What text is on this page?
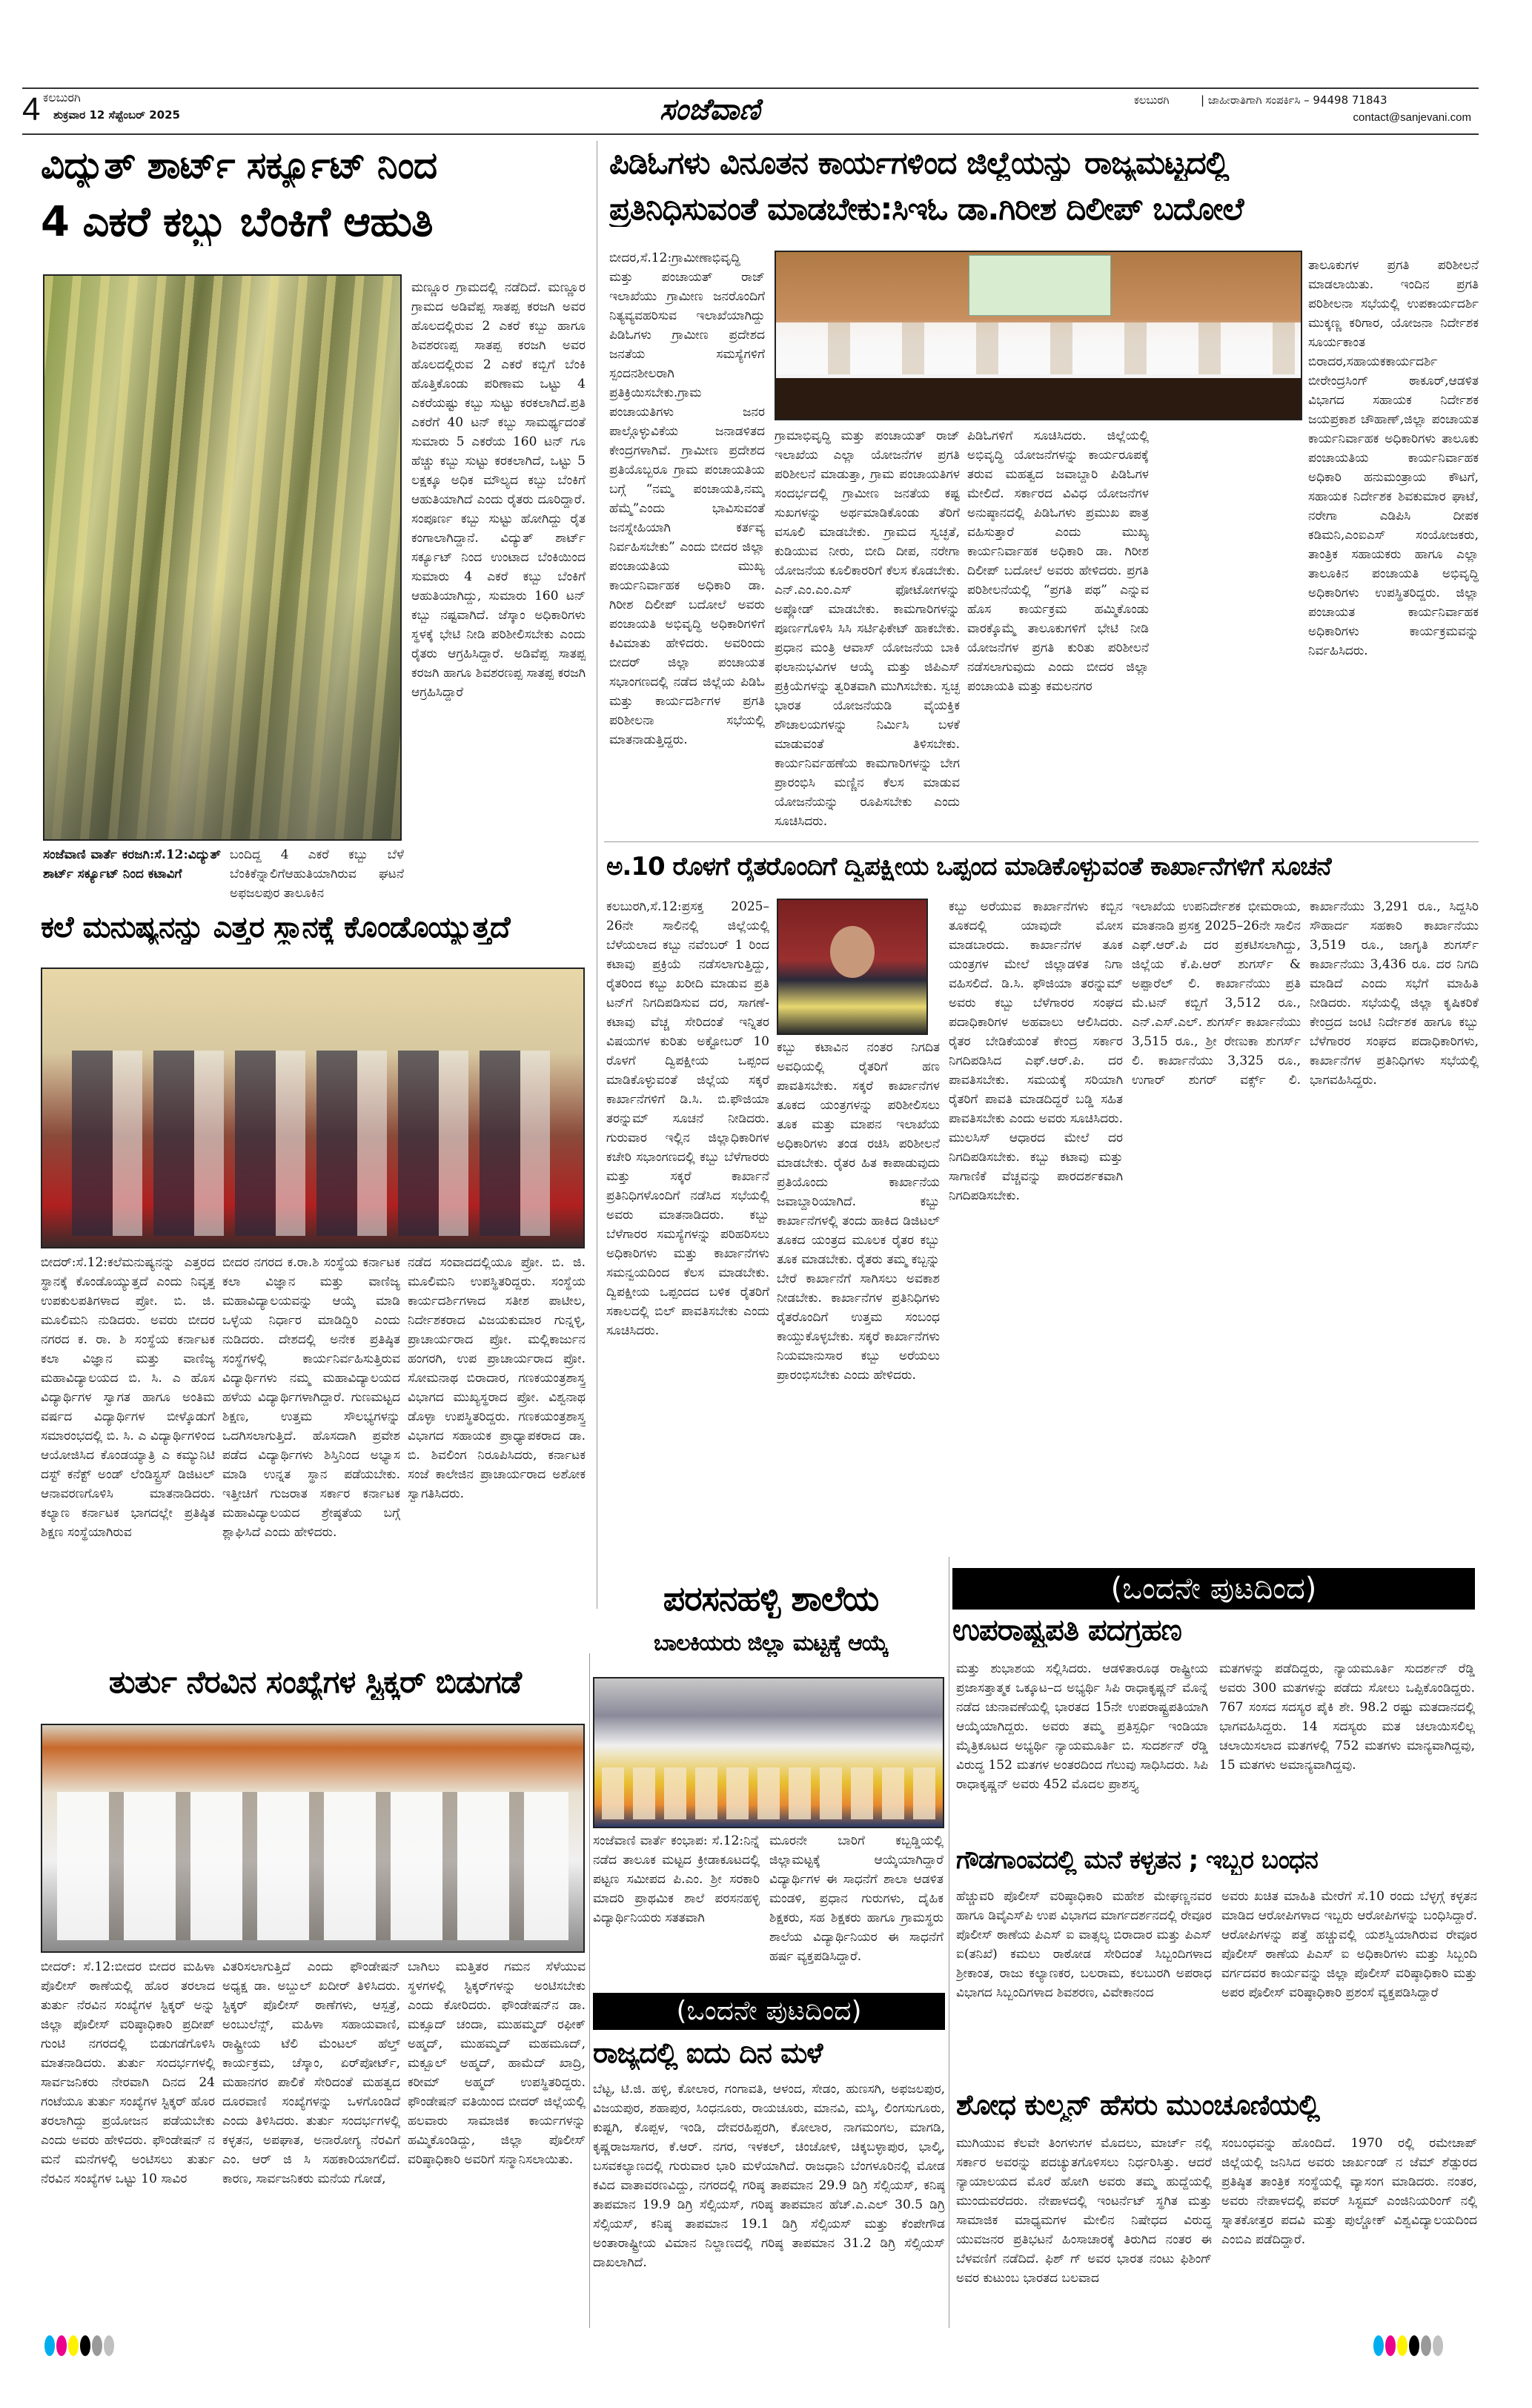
4 ಕಲಬುರಗಿ
ಶುಕ್ರವಾರ 12 ಸೆಪ್ಟೆಂಬರ್ 2025	ಸಂಜೆವಾಣಿ	ಕಲಬುರಗಿ	| ಜಾಹೀರಾತಿಗಾಗಿ ಸಂಪರ್ಕಿಸಿ – 94498 71843
contact@sanjevani.com
ವಿದ್ಯುತ್ ಶಾರ್ಟ್ ಸರ್ಕ್ಯೂಟ್ ನಿಂದ
4 ಎಕರೆ ಕಬ್ಬು ಬೆಂಕಿಗೆ ಆಹುತಿ
ಮಣ್ಣೂರ ಗ್ರಾಮದಲ್ಲಿ ನಡೆದಿದೆ. ಮಣ್ಣೂರ ಗ್ರಾಮದ ಅಡಿವೆಪ್ಪ ಸಾತಪ್ಪ ಕರಜಗಿ ಅವರ ಹೊಲದಲ್ಲಿರುವ 2 ಎಕರೆ ಕಬ್ಬು ಹಾಗೂ ಶಿವಶರಣಪ್ಪ ಸಾತಪ್ಪ ಕರಜಗಿ ಅವರ ಹೊಲದಲ್ಲಿರುವ 2 ಎಕರೆ ಕಬ್ಬಿಗೆ ಬೆಂಕಿ ಹೊತ್ತಿಕೊಂಡು ಪರಿಣಾಮ ಒಟ್ಟು 4 ಎಕರೆಯಷ್ಟು ಕಬ್ಬು ಸುಟ್ಟು ಕರಕಲಾಗಿದೆ.ಪ್ರತಿ ಎಕರೆಗೆ 40 ಟನ್ ಕಬ್ಬು ಸಾಮರ್ಥ್ಯದಂತೆ ಸುಮಾರು 5 ಎಕರೆಯ 160 ಟನ್ ಗೂ ಹೆಚ್ಚು ಕಬ್ಬು ಸುಟ್ಟು ಕರಕಲಾಗಿದೆ, ಒಟ್ಟು 5 ಲಕ್ಷಕ್ಕೂ ಅಧಿಕ ಮೌಲ್ಯದ ಕಬ್ಬು ಬೆಂಕಿಗೆ ಆಹುತಿಯಾಗಿದೆ ಎಂದು ರೈತರು ದೂರಿದ್ದಾರೆ. ಸಂಪೂರ್ಣ ಕಬ್ಬು ಸುಟ್ಟು ಹೋಗಿದ್ದು ರೈತ ಕಂಗಾಲಾಗಿದ್ದಾನೆ. ವಿದ್ಯುತ್ ಶಾರ್ಟ್ ಸರ್ಕ್ಯೂಟ್ ನಿಂದ ಉಂಟಾದ ಬೆಂಕಿಯಿಂದ ಸುಮಾರು 4 ಎಕರೆ ಕಬ್ಬು ಬೆಂಕಿಗೆ ಆಹುತಿಯಾಗಿದ್ದು, ಸುಮಾರು 160 ಟನ್ ಕಬ್ಬು ನಷ್ಟವಾಗಿದೆ. ಜೆಸ್ಕಾಂ ಅಧಿಕಾರಿಗಳು ಸ್ಥಳಕ್ಕೆ ಭೇಟಿ ನೀಡಿ ಪರಿಶೀಲಿಸಬೇಕು ಎಂದು ರೈತರು ಆಗ್ರಹಿಸಿದ್ದಾರೆ. ಅಡಿವೆಪ್ಪ ಸಾತಪ್ಪ ಕರಜಗಿ ಹಾಗೂ ಶಿವಶರಣಪ್ಪ ಸಾತಪ್ಪ ಕರಜಗಿ ಆಗ್ರಹಿಸಿದ್ದಾರೆ
ಸಂಜೆವಾಣಿ ವಾರ್ತೆ ಕರಜಗಿ:ಸೆ.12:ವಿದ್ಯುತ್ ಶಾರ್ಟ್ ಸರ್ಕ್ಯೂಟ್ ನಿಂದ ಕಟಾವಿಗೆ
ಬಂದಿದ್ದ 4 ಎಕರೆ ಕಬ್ಬು ಬೆಳೆ ಬೆಂಕಿಕೆನ್ನಾಲಿಗೆಆಹುತಿಯಾಗಿರುವ ಘಟನೆ ಅಫಜಲಪುರ ತಾಲೂಕಿನ
ಪಿಡಿಓಗಳು ವಿನೂತನ ಕಾರ್ಯಗಳಿಂದ ಜಿಲ್ಲೆಯನ್ನು ರಾಜ್ಯಮಟ್ಟದಲ್ಲಿ
ಪ್ರತಿನಿಧಿಸುವಂತೆ ಮಾಡಬೇಕು:ಸಿಇಓ ಡಾ.ಗಿರೀಶ ದಿಲೀಪ್ ಬದೋಲೆ
ಬೀದರ,ಸೆ.12:ಗ್ರಾಮೀಣಾಭಿವೃದ್ಧಿ ಮತ್ತು ಪಂಚಾಯತ್ ರಾಜ್ ಇಲಾಖೆಯು ಗ್ರಾಮೀಣ ಜನರೊಂದಿಗೆ ನಿತ್ಯವ್ಯವಹರಿಸುವ ಇಲಾಖೆಯಾಗಿದ್ದು ಪಿಡಿಓಗಳು ಗ್ರಾಮೀಣ ಪ್ರದೇಶದ ಜನತೆಯ ಸಮಸ್ಯೆಗಳಿಗೆ ಸ್ಪಂದನಶೀಲರಾಗಿ ಪ್ರತಿಕ್ರಿಯಿಸಬೇಕು.ಗ್ರಾಮ ಪಂಚಾಯತಿಗಳು ಜನರ ಪಾಲ್ಗೊಳ್ಳುವಿಕೆಯ ಜನಾಡಳಿತದ ಕೇಂದ್ರಗಳಾಗಿವೆ. ಗ್ರಾಮೀಣ ಪ್ರದೇಶದ ಪ್ರತಿಯೊಬ್ಬರೂ ಗ್ರಾಮ ಪಂಚಾಯತಿಯ ಬಗ್ಗೆ “ನಮ್ಮ ಪಂಚಾಯತಿ,ನಮ್ಮ ಹೆಮ್ಮೆ”ಎಂದು ಭಾವಿಸುವಂತೆ ಜನಸ್ನೇಹಿಯಾಗಿ ಕರ್ತವ್ಯ ನಿರ್ವಹಿಸಬೇಕು” ಎಂದು ಬೀದರ ಜಿಲ್ಲಾ ಪಂಚಾಯತಿಯ ಮುಖ್ಯ ಕಾರ್ಯನಿರ್ವಾಹಕ ಅಧಿಕಾರಿ ಡಾ. ಗಿರೀಶ ದಿಲೀಪ್ ಬದೋಲೆ ಅವರು ಪಂಚಾಯತಿ ಅಭಿವೃದ್ಧಿ ಅಧಿಕಾರಿಗಳಿಗೆ ಕಿವಿಮಾತು ಹೇಳಿದರು. ಅವರಿಂದು ಬೀದರ್ ಜಿಲ್ಲಾ ಪಂಚಾಯತ ಸಭಾಂಗಣದಲ್ಲಿ ನಡೆದ ಜಿಲ್ಲೆಯ ಪಿಡಿಓ ಮತ್ತು ಕಾರ್ಯದರ್ಶಿಗಳ ಪ್ರಗತಿ ಪರಿಶೀಲನಾ ಸಭೆಯಲ್ಲಿ ಮಾತನಾಡುತ್ತಿದ್ದರು.
ಗ್ರಾಮಾಭಿವೃದ್ಧಿ ಮತ್ತು ಪಂಚಾಯತ್ ರಾಜ್ ಇಲಾಖೆಯ ಎಲ್ಲಾ ಯೋಜನೆಗಳ ಪ್ರಗತಿ ಪರಿಶೀಲನೆ ಮಾಡುತ್ತಾ, ಗ್ರಾಮ ಪಂಚಾಯತಿಗಳ ಸಂದರ್ಭದಲ್ಲಿ ಗ್ರಾಮೀಣ ಜನತೆಯ ಕಷ್ಟ ಸುಖಗಳನ್ನು ಅರ್ಥಮಾಡಿಕೊಂಡು ತೆರಿಗೆ ವಸೂಲಿ ಮಾಡಬೇಕು. ಗ್ರಾಮದ ಸ್ವಚ್ಛತೆ, ಕುಡಿಯುವ ನೀರು, ಬೀದಿ ದೀಪ, ನರೇಗಾ ಯೋಜನೆಯ ಕೂಲಿಕಾರರಿಗೆ ಕೆಲಸ ಕೊಡಬೇಕು. ಎನ್.ಎಂ.ಎಂ.ಎಸ್ ಫೋಟೋಗಳನ್ನು ಅಪ್ಲೋಡ್ ಮಾಡಬೇಕು. ಕಾಮಗಾರಿಗಳನ್ನು ಪೂರ್ಣಗೊಳಿಸಿ ಸಿಸಿ ಸರ್ಟಿಫಿಕೇಟ್ ಹಾಕಬೇಕು. ಪ್ರಧಾನ ಮಂತ್ರಿ ಆವಾಸ್ ಯೋಜನೆಯ ಬಾಕಿ ಫಲಾನುಭವಿಗಳ ಆಯ್ಕೆ ಮತ್ತು ಜಿಪಿಎಸ್ ಪ್ರಕ್ರಿಯೆಗಳನ್ನು ತ್ವರಿತವಾಗಿ ಮುಗಿಸಬೇಕು. ಸ್ವಚ್ಛ ಭಾರತ ಯೋಜನೆಯಡಿ ವೈಯಕ್ತಿಕ ಶೌಚಾಲಯಗಳನ್ನು ನಿರ್ಮಿಸಿ ಬಳಕೆ ಮಾಡುವಂತೆ ತಿಳಿಸಬೇಕು. ಕಾರ್ಯನಿರ್ವಹಣೆಯ ಕಾಮಗಾರಿಗಳನ್ನು ಬೇಗ ಪ್ರಾರಂಭಿಸಿ ಮಣ್ಣಿನ ಕೆಲಸ ಮಾಡುವ ಯೋಜನೆಯನ್ನು ರೂಪಿಸಬೇಕು ಎಂದು ಸೂಚಿಸಿದರು.
ಪಿಡಿಓಗಳಿಗೆ ಸೂಚಿಸಿದರು. ಜಿಲ್ಲೆಯಲ್ಲಿ ಅಭಿವೃದ್ಧಿ ಯೋಜನೆಗಳನ್ನು ಕಾರ್ಯರೂಪಕ್ಕೆ ತರುವ ಮಹತ್ವದ ಜವಾಬ್ದಾರಿ ಪಿಡಿಓಗಳ ಮೇಲಿದೆ. ಸರ್ಕಾರದ ವಿವಿಧ ಯೋಜನೆಗಳ ಅನುಷ್ಠಾನದಲ್ಲಿ ಪಿಡಿಓಗಳು ಪ್ರಮುಖ ಪಾತ್ರ ವಹಿಸುತ್ತಾರೆ ಎಂದು ಮುಖ್ಯ ಕಾರ್ಯನಿರ್ವಾಹಕ ಅಧಿಕಾರಿ ಡಾ. ಗಿರೀಶ ದಿಲೀಪ್ ಬದೋಲೆ ಅವರು ಹೇಳಿದರು. ಪ್ರಗತಿ ಪರಿಶೀಲನೆಯಲ್ಲಿ “ಪ್ರಗತಿ ಪಥ” ಎನ್ನುವ ಹೊಸ ಕಾರ್ಯಕ್ರಮ ಹಮ್ಮಿಕೊಂಡು ವಾರಕ್ಕೊಮ್ಮೆ ತಾಲೂಕುಗಳಿಗೆ ಭೇಟಿ ನೀಡಿ ಯೋಜನೆಗಳ ಪ್ರಗತಿ ಕುರಿತು ಪರಿಶೀಲನೆ ನಡೆಸಲಾಗುವುದು ಎಂದು ಬೀದರ ಜಿಲ್ಲಾ ಪಂಚಾಯತಿ ಮತ್ತು ಕಮಲನಗರ
ತಾಲೂಕುಗಳ ಪ್ರಗತಿ ಪರಿಶೀಲನೆ ಮಾಡಲಾಯಿತು. ಇಂದಿನ ಪ್ರಗತಿ ಪರಿಶೀಲನಾ ಸಭೆಯಲ್ಲಿ ಉಪಕಾರ್ಯದರ್ಶಿ ಮುಕ್ಕಣ್ಣ ಕರಿಗಾರ, ಯೋಜನಾ ನಿರ್ದೇಶಕ ಸೂರ್ಯಕಾಂತ ಬಿರಾದರ,ಸಹಾಯಕಕಾರ್ಯದರ್ಶಿ ಬೀರೇಂದ್ರಸಿಂಗ್ ಠಾಕೂರ್,ಆಡಳಿತ ವಿಭಾಗದ ಸಹಾಯಕ ನಿರ್ದೇಶಕ ಜಯಪ್ರಕಾಶ ಚೌಹಾಣ್,ಜಿಲ್ಲಾ ಪಂಚಾಯತ ಕಾರ್ಯನಿರ್ವಾಹಕ ಅಧಿಕಾರಿಗಳು ತಾಲೂಕು ಪಂಚಾಯತಿಯ ಕಾರ್ಯನಿರ್ವಾಹಕ ಅಧಿಕಾರಿ ಹನುಮಂತ್ರಾಯ ಕೌಟಗೆ, ಸಹಾಯಕ ನಿರ್ದೇಶಕ ಶಿವಕುಮಾರ ಘಾಟೆ, ನರೇಗಾ ಎಡಿಪಿಸಿ ದೀಪಕ ಕಡಿಮನಿ,ಎಂಐಎಸ್ ಸಂಯೋಜಕರು, ತಾಂತ್ರಿಕ ಸಹಾಯಕರು ಹಾಗೂ ಎಲ್ಲಾ ತಾಲೂಕಿನ ಪಂಚಾಯತಿ ಅಭಿವೃದ್ಧಿ ಅಧಿಕಾರಿಗಳು ಉಪಸ್ಥಿತರಿದ್ದರು. ಜಿಲ್ಲಾ ಪಂಚಾಯತ ಕಾರ್ಯನಿರ್ವಾಹಕ ಅಧಿಕಾರಿಗಳು ಕಾರ್ಯಕ್ರಮವನ್ನು ನಿರ್ವಹಿಸಿದರು.
ಕಲೆ ಮನುಷ್ಯನನ್ನು ಎತ್ತರ ಸ್ಥಾನಕ್ಕೆ ಕೊಂಡೊಯ್ಯುತ್ತದೆ
ಬೀದರ್:ಸೆ.12:ಕಲೆಮನುಷ್ಯನನ್ನು ಎತ್ತರದ ಸ್ಥಾನಕ್ಕೆ ಕೊಂಡೊಯ್ಯುತ್ತದೆ ಎಂದು ನಿವೃತ್ತ ಉಪಕುಲಪತಿಗಳಾದ ಪ್ರೋ. ಬಿ. ಜಿ. ಮೂಲಿಮನಿ ನುಡಿದರು. ಅವರು ಬೀದರ ನಗರದ ಕ. ರಾ. ಶಿ ಸಂಸ್ಥೆಯ ಕರ್ನಾಟಕ ಕಲಾ ವಿಜ್ಞಾನ ಮತ್ತು ವಾಣಿಜ್ಯ ಮಹಾವಿದ್ಯಾಲಯದ ಬಿ. ಸಿ. ಎ ಹೊಸ ವಿದ್ಯಾರ್ಥಿಗಳ ಸ್ವಾಗತ ಹಾಗೂ ಅಂತಿಮ ವರ್ಷದ ವಿದ್ಯಾರ್ಥಿಗಳ ಬೀಳ್ಕೊಡುಗೆ ಸಮಾರಂಭದಲ್ಲಿ ಬಿ. ಸಿ. ಎ ವಿದ್ಯಾರ್ಥಿಗಳಿಂದ ಆಯೋಜಿಸಿದ ಕೊಂಡಯ್ಯಾತ್ರಿ ಎ ಕಮ್ಯುನಿಟಿ ದಸ್ಟ್ ಕನೆಕ್ಟ್ ಅಂಡ್ ಲೆಂಡಿಸ್ಟ್ರಸ್ ಡಿಜಿಟಲ್ ಆನಾವರಣಗೊಳಿಸಿ ಮಾತನಾಡಿದರು. ಕಲ್ಯಾಣ ಕರ್ನಾಟಕ ಭಾಗದಲ್ಲೇ ಪ್ರತಿಷ್ಠಿತ ಶಿಕ್ಷಣ ಸಂಸ್ಥೆಯಾಗಿರುವ
ಬೀದರ ನಗರದ ಕ.ರಾ.ಶಿ ಸಂಸ್ಥೆಯ ಕರ್ನಾಟಕ ಕಲಾ ವಿಜ್ಞಾನ ಮತ್ತು ವಾಣಿಜ್ಯ ಮಹಾವಿದ್ಯಾಲಯವನ್ನು ಆಯ್ಕೆ ಮಾಡಿ ಒಳ್ಳೆಯ ನಿರ್ಧಾರ ಮಾಡಿದ್ದಿರಿ ಎಂದು ನುಡಿದರು. ದೇಶದಲ್ಲಿ ಅನೇಕ ಪ್ರತಿಷ್ಠಿತ ಸಂಸ್ಥೆಗಳಲ್ಲಿ ಕಾರ್ಯನಿರ್ವಹಿಸುತ್ತಿರುವ ವಿದ್ಯಾರ್ಥಿಗಳು ನಮ್ಮ ಮಹಾವಿದ್ಯಾಲಯದ ಹಳೆಯ ವಿದ್ಯಾರ್ಥಿಗಳಾಗಿದ್ದಾರೆ. ಗುಣಮಟ್ಟದ ಶಿಕ್ಷಣ, ಉತ್ತಮ ಸೌಲಭ್ಯಗಳನ್ನು ಒದಗಿಸಲಾಗುತ್ತಿದೆ. ಹೊಸದಾಗಿ ಪ್ರವೇಶ ಪಡೆದ ವಿದ್ಯಾರ್ಥಿಗಳು ಶಿಸ್ತಿನಿಂದ ಅಭ್ಯಾಸ ಮಾಡಿ ಉನ್ನತ ಸ್ಥಾನ ಪಡೆಯಬೇಕು. ಇತ್ತೀಚಿಗೆ ಗುಜರಾತ ಸರ್ಕಾರ ಕರ್ನಾಟಕ ಮಹಾವಿದ್ಯಾಲಯದ ಶ್ರೇಷ್ಠತೆಯ ಬಗ್ಗೆ ಶ್ಲಾಘಿಸಿದೆ ಎಂದು ಹೇಳಿದರು.
ನಡೆದ ಸಂವಾದದಲ್ಲಿಯೂ ಪ್ರೋ. ಬಿ. ಜಿ. ಮೂಲಿಮನಿ ಉಪಸ್ಥಿತರಿದ್ದರು. ಸಂಸ್ಥೆಯ ಕಾರ್ಯದರ್ಶಿಗಳಾದ ಸತೀಶ ಪಾಟೀಲ, ನಿರ್ದೇಶಕರಾದ ವಿಜಯಕುಮಾರ ಗುನ್ನಳ್ಳಿ, ಪ್ರಾಚಾರ್ಯರಾದ ಪ್ರೋ. ಮಲ್ಲಿಕಾರ್ಜುನ ಹಂಗರಗಿ, ಉಪ ಪ್ರಾಚಾರ್ಯರಾದ ಪ್ರೋ. ಸೋಮನಾಥ ಬಿರಾದಾರ, ಗಣಕಯಂತ್ರಶಾಸ್ತ್ರ ವಿಭಾಗದ ಮುಖ್ಯಸ್ಥರಾದ ಪ್ರೋ. ವಿಶ್ವನಾಥ ಡೊಳ್ಳಾ ಉಪಸ್ಥಿತರಿದ್ದರು. ಗಣಕಯಂತ್ರಶಾಸ್ತ್ರ ವಿಭಾಗದ ಸಹಾಯಕ ಪ್ರಾಧ್ಯಾಪಕರಾದ ಡಾ. ಬಿ. ಶಿವಲಿಂಗ ನಿರೂಪಿಸಿದರು, ಕರ್ನಾಟಕ ಸಂಜೆ ಕಾಲೇಜಿನ ಪ್ರಾಚಾರ್ಯರಾದ ಅಶೋಕ ಸ್ವಾಗತಿಸಿದರು.
ಅ.10 ರೊಳಗೆ ರೈತರೊಂದಿಗೆ ದ್ವಿಪಕ್ಷೀಯ ಒಪ್ಪಂದ ಮಾಡಿಕೊಳ್ಳುವಂತೆ ಕಾರ್ಖಾನೆಗಳಿಗೆ ಸೂಚನೆ
ಕಲಬುರಗಿ,ಸೆ.12:ಪ್ರಸಕ್ತ 2025–26ನೇ ಸಾಲಿನಲ್ಲಿ ಜಿಲ್ಲೆಯಲ್ಲಿ ಬೆಳೆಯಲಾದ ಕಬ್ಬು ನವೆಂಬರ್ 1 ರಿಂದ ಕಟಾವು ಪ್ರಕ್ರಿಯೆ ನಡೆಸಲಾಗುತ್ತಿದ್ದು, ರೈತರಿಂದ ಕಬ್ಬು ಖರೀದಿ ಮಾಡುವ ಪ್ರತಿ ಟನ್‌ಗೆ ನಿಗದಿಪಡಿಸುವ ದರ, ಸಾಗಣೆ-ಕಟಾವು ವೆಚ್ಚ ಸೇರಿದಂತೆ ಇನ್ನಿತರ ವಿಷಯಗಳ ಕುರಿತು ಅಕ್ಟೋಬರ್ 10 ರೊಳಗೆ ದ್ವಿಪಕ್ಷೀಯ ಒಪ್ಪಂದ ಮಾಡಿಕೊಳ್ಳುವಂತೆ ಜಿಲ್ಲೆಯ ಸಕ್ಕರೆ ಕಾರ್ಖಾನೆಗಳಿಗೆ ಡಿ.ಸಿ. ಬಿ.ಫೌಜಿಯಾ ತರನ್ನುಮ್ ಸೂಚನೆ ನೀಡಿದರು. ಗುರುವಾರ ಇಲ್ಲಿನ ಜಿಲ್ಲಾಧಿಕಾರಿಗಳ ಕಚೇರಿ ಸಭಾಂಗಣದಲ್ಲಿ ಕಬ್ಬು ಬೆಳೆಗಾರರು ಮತ್ತು ಸಕ್ಕರೆ ಕಾರ್ಖಾನೆ ಪ್ರತಿನಿಧಿಗಳೊಂದಿಗೆ ನಡೆಸಿದ ಸಭೆಯಲ್ಲಿ ಅವರು ಮಾತನಾಡಿದರು. ಕಬ್ಬು ಬೆಳೆಗಾರರ ಸಮಸ್ಯೆಗಳನ್ನು ಪರಿಹರಿಸಲು ಅಧಿಕಾರಿಗಳು ಮತ್ತು ಕಾರ್ಖಾನೆಗಳು ಸಮನ್ವಯದಿಂದ ಕೆಲಸ ಮಾಡಬೇಕು. ದ್ವಿಪಕ್ಷೀಯ ಒಪ್ಪಂದದ ಬಳಿಕ ರೈತರಿಗೆ ಸಕಾಲದಲ್ಲಿ ಬಿಲ್ ಪಾವತಿಸಬೇಕು ಎಂದು ಸೂಚಿಸಿದರು.
ಕಬ್ಬು ಕಟಾವಿನ ನಂತರ ನಿಗದಿತ ಅವಧಿಯಲ್ಲಿ ರೈತರಿಗೆ ಹಣ ಪಾವತಿಸಬೇಕು. ಸಕ್ಕರೆ ಕಾರ್ಖಾನೆಗಳ ತೂಕದ ಯಂತ್ರಗಳನ್ನು ಪರಿಶೀಲಿಸಲು ತೂಕ ಮತ್ತು ಮಾಪನ ಇಲಾಖೆಯ ಅಧಿಕಾರಿಗಳು ತಂಡ ರಚಿಸಿ ಪರಿಶೀಲನೆ ಮಾಡಬೇಕು. ರೈತರ ಹಿತ ಕಾಪಾಡುವುದು ಪ್ರತಿಯೊಂದು ಕಾರ್ಖಾನೆಯ ಜವಾಬ್ದಾರಿಯಾಗಿದೆ. ಕಬ್ಬು ಕಾರ್ಖಾನೆಗಳಲ್ಲಿ ತಂದು ಹಾಕಿದ ಡಿಜಿಟಲ್ ತೂಕದ ಯಂತ್ರದ ಮೂಲಕ ರೈತರ ಕಬ್ಬು ತೂಕ ಮಾಡಬೇಕು. ರೈತರು ತಮ್ಮ ಕಬ್ಬನ್ನು ಬೇರೆ ಕಾರ್ಖಾನೆಗೆ ಸಾಗಿಸಲು ಅವಕಾಶ ನೀಡಬೇಕು. ಕಾರ್ಖಾನೆಗಳ ಪ್ರತಿನಿಧಿಗಳು ರೈತರೊಂದಿಗೆ ಉತ್ತಮ ಸಂಬಂಧ ಕಾಯ್ದುಕೊಳ್ಳಬೇಕು. ಸಕ್ಕರೆ ಕಾರ್ಖಾನೆಗಳು ನಿಯಮಾನುಸಾರ ಕಬ್ಬು ಅರೆಯಲು ಪ್ರಾರಂಭಿಸಬೇಕು ಎಂದು ಹೇಳಿದರು.
ಕಬ್ಬು ಅರೆಯುವ ಕಾರ್ಖಾನೆಗಳು ಕಬ್ಬಿನ ತೂಕದಲ್ಲಿ ಯಾವುದೇ ಮೋಸ ಮಾಡಬಾರದು. ಕಾರ್ಖಾನೆಗಳ ತೂಕ ಯಂತ್ರಗಳ ಮೇಲೆ ಜಿಲ್ಲಾಡಳಿತ ನಿಗಾ ವಹಿಸಲಿದೆ. ಡಿ.ಸಿ. ಫೌಜಿಯಾ ತರನ್ನುಮ್ ಅವರು ಕಬ್ಬು ಬೆಳೆಗಾರರ ಸಂಘದ ಪದಾಧಿಕಾರಿಗಳ ಅಹವಾಲು ಆಲಿಸಿದರು. ರೈತರ ಬೇಡಿಕೆಯಂತೆ ಕೇಂದ್ರ ಸರ್ಕಾರ ನಿಗದಿಪಡಿಸಿದ ಎಫ್.ಆರ್.ಪಿ. ದರ ಪಾವತಿಸಬೇಕು. ಸಮಯಕ್ಕೆ ಸರಿಯಾಗಿ ರೈತರಿಗೆ ಪಾವತಿ ಮಾಡದಿದ್ದರೆ ಬಡ್ಡಿ ಸಹಿತ ಪಾವತಿಸಬೇಕು ಎಂದು ಅವರು ಸೂಚಿಸಿದರು. ಮುಲಸಿಸ್‌ ಆಧಾರದ ಮೇಲೆ ದರ ನಿಗದಿಪಡಿಸಬೇಕು. ಕಬ್ಬು ಕಟಾವು ಮತ್ತು ಸಾಗಾಣಿಕೆ ವೆಚ್ಚವನ್ನು ಪಾರದರ್ಶಕವಾಗಿ ನಿಗದಿಪಡಿಸಬೇಕು.
ಇಲಾಖೆಯ ಉಪನಿರ್ದೇಶಕ ಭೀಮರಾಯ, ಮಾತನಾಡಿ ಪ್ರಸಕ್ತ 2025–26ನೇ ಸಾಲಿನ ಎಫ್.ಆರ್.ಪಿ ದರ ಪ್ರಕಟಿಸಲಾಗಿದ್ದು, ಜಿಲ್ಲೆಯ ಕೆ.ಪಿ.ಆರ್ ಶುಗರ್ಸ್ & ಅಪ್ಪಾರೆಲ್ ಲಿ. ಕಾರ್ಖಾನೆಯು ಪ್ರತಿ ಮೆ.ಟನ್ ಕಬ್ಬಿಗೆ 3,512 ರೂ., ಎನ್.ಎಸ್.ಎಲ್. ಶುಗರ್ಸ್ ಕಾರ್ಖಾನೆಯು 3,515 ರೂ., ಶ್ರೀ ರೇಣುಕಾ ಶುಗರ್ಸ್ ಲಿ. ಕಾರ್ಖಾನೆಯು 3,325 ರೂ., ಉಗಾರ್ ಶುಗರ್ ವರ್ಕ್ಸ್ ಲಿ. ಕಾರ್ಖಾನೆಯು 3,291 ರೂ., ಸಿದ್ದಸಿರಿ ಸೌಹಾರ್ದ ಸಹಕಾರಿ ಕಾರ್ಖಾನೆಯು 3,519 ರೂ., ಜಾಗೃತಿ ಶುಗರ್ಸ್ ಕಾರ್ಖಾನೆಯು 3,436 ರೂ. ದರ ನಿಗದಿ ಮಾಡಿದೆ ಎಂದು ಸಭೆಗೆ ಮಾಹಿತಿ ನೀಡಿದರು. ಸಭೆಯಲ್ಲಿ ಜಿಲ್ಲಾ ಕೃಷಿಕರಿಕೆ ಕೇಂದ್ರದ ಜಂಟಿ ನಿರ್ದೇಶಕ ಹಾಗೂ ಕಬ್ಬು ಬೆಳೆಗಾರರ ಸಂಘದ ಪದಾಧಿಕಾರಿಗಳು, ಕಾರ್ಖಾನೆಗಳ ಪ್ರತಿನಿಧಿಗಳು ಸಭೆಯಲ್ಲಿ ಭಾಗವಹಿಸಿದ್ದರು.
ಪರಸನಹಳ್ಳಿ ಶಾಲೆಯ
ಬಾಲಕಿಯರು ಜಿಲ್ಲಾ ಮಟ್ಟಕ್ಕೆ ಆಯ್ಕೆ
ಸಂಜೆವಾಣಿ ವಾರ್ತೆ ಕಂಭಾಪ: ಸೆ.12:ನಿನ್ನೆ ನಡೆದ ತಾಲೂಕ ಮಟ್ಟದ ಕ್ರೀಡಾಕೂಟದಲ್ಲಿ ಪಟ್ಟಣ ಸಮೀಪದ ಪಿ.ಎಂ. ಶ್ರೀ ಸರಕಾರಿ ಮಾದರಿ ಪ್ರಾಥಮಿಕ ಶಾಲೆ ಪರಸನಹಳ್ಳಿ ವಿದ್ಯಾರ್ಥಿನಿಯರು ಸತತವಾಗಿ
ಮೂರನೇ ಬಾರಿಗೆ ಕಬ್ಬಡ್ಡಿಯಲ್ಲಿ ಜಿಲ್ಲಾಮಟ್ಟಕ್ಕೆ ಆಯ್ಕೆಯಾಗಿದ್ದಾರೆ ವಿದ್ಯಾರ್ಥಿಗಳ ಈ ಸಾಧನೆಗೆ ಶಾಲಾ ಆಡಳಿತ ಮಂಡಳಿ, ಪ್ರಧಾನ ಗುರುಗಳು, ದೈಹಿಕ ಶಿಕ್ಷಕರು, ಸಹ ಶಿಕ್ಷಕರು ಹಾಗೂ ಗ್ರಾಮಸ್ಥರು ಶಾಲೆಯ ವಿದ್ಯಾರ್ಥಿನಿಯರ ಈ ಸಾಧನೆಗೆ ಹರ್ಷ ವ್ಯಕ್ತಪಡಿಸಿದ್ದಾರೆ.
ತುರ್ತು ನೆರವಿನ ಸಂಖ್ಯೆಗಳ ಸ್ಟಿಕ್ಕರ್ ಬಿಡುಗಡೆ
ಬೀದರ್: ಸೆ.12:ಬೀದರ ಬೀದರ ಮಹಿಳಾ ಪೊಲೀಸ್ ಠಾಣೆಯಲ್ಲಿ ಹೊರ ತರಲಾದ ತುರ್ತು ನೆರವಿನ ಸಂಖ್ಯೆಗಳ ಸ್ಟಿಕ್ಕರ್ ಅನ್ನು ಜಿಲ್ಲಾ ಪೊಲೀಸ್ ವರಿಷ್ಠಾಧಿಕಾರಿ ಪ್ರದೀಪ್ ಗುಂಟಿ ನಗರದಲ್ಲಿ ಬಿಡುಗಡೆಗೊಳಿಸಿ ಮಾತನಾಡಿದರು. ತುರ್ತು ಸಂದರ್ಭಗಳಲ್ಲಿ ಸಾರ್ವಜನಿಕರು ನೇರವಾಗಿ ದಿನದ 24 ಗಂಟೆಯೂ ತುರ್ತು ಸಂಖ್ಯೆಗಳ ಸ್ಟಿಕ್ಕರ್ ಹೊರ ತರಲಾಗಿದ್ದು ಪ್ರಯೋಜನ ಪಡೆಯಬೇಕು ಎಂದು ಅವರು ಹೇಳಿದರು. ಫೌಂಡೇಷನ್‌ ನ ಮನೆ ಮನೆಗಳಲ್ಲಿ ಅಂಟಿಸಲು ತುರ್ತು ನೆರವಿನ ಸಂಖ್ಯೆಗಳ ಒಟ್ಟು 10 ಸಾವಿರ
ವಿತರಿಸಲಾಗುತ್ತಿದೆ ಎಂದು ಫೌಂಡೇಷನ್ ಅಧ್ಯಕ್ಷ ಡಾ. ಅಬ್ದುಲ್ ಖದೀರ್ ತಿಳಿಸಿದರು. ಸ್ಟಿಕ್ಕರ್ ಪೊಲೀಸ್ ಠಾಣೆಗಳು, ಆಸ್ಪತ್ರೆ, ಅಂಬುಲೆನ್ಸ್, ಮಹಿಳಾ ಸಹಾಯವಾಣಿ, ರಾಷ್ಟ್ರೀಯ ಟೆಲಿ ಮೆಂಟಲ್ ಹೆಲ್ತ್ ಕಾರ್ಯಕ್ರಮ, ಚೆಸ್ಕಾಂ, ಏರ್‌ಪೋರ್ಟ್, ಮಹಾನಗರ ಪಾಲಿಕೆ ಸೇರಿದಂತೆ ಮಹತ್ವದ ದೂರವಾಣಿ ಸಂಖ್ಯೆಗಳನ್ನು ಒಳಗೊಂಡಿದೆ ಎಂದು ತಿಳಿಸಿದರು. ತುರ್ತು ಸಂದರ್ಭಗಳಲ್ಲಿ ಕಳ್ಳತನ, ಅಪಘಾತ, ಅನಾರೋಗ್ಯ ನೆರವಿಗೆ ಎಂ. ಆರ್ ಜಿ ಸಿ ಸಹಕಾರಿಯಾಗಲಿದೆ. ಕಾರಣ, ಸಾರ್ವಜನಿಕರು ಮನೆಯ ಗೋಡೆ,
ಬಾಗಿಲು ಮತ್ತಿತರ ಗಮನ ಸೆಳೆಯುವ ಸ್ಥಳಗಳಲ್ಲಿ ಸ್ಟಿಕ್ಕರ್‌ಗಳನ್ನು ಅಂಟಿಸಬೇಕು ಎಂದು ಕೋರಿದರು. ಫೌಂಡೇಷನ್‌ನ ಡಾ. ಮಕ್ಸೂದ್ ಚಂದಾ, ಮುಹಮ್ಮದ್ ರಫೀಕ್ ಅಹ್ಮದ್, ಮುಹಮ್ಮದ್ ಮಹಮೂದ್, ಮಕ್ಬೂಲ್ ಅಹ್ಮದ್, ಹಾಮೆದ್ ಖಾದ್ರಿ, ಕರೀಮ್ ಅಹ್ಮದ್ ಉಪಸ್ಥಿತರಿದ್ದರು. ಫೌಂಡೇಷನ್ ವತಿಯಿಂದ ಬೀದರ್ ಜಿಲ್ಲೆಯಲ್ಲಿ ಹಲವಾರು ಸಾಮಾಜಿಕ ಕಾರ್ಯಗಳನ್ನು ಹಮ್ಮಿಕೊಂಡಿದ್ದು, ಜಿಲ್ಲಾ ಪೊಲೀಸ್ ವರಿಷ್ಠಾಧಿಕಾರಿ ಅವರಿಗೆ ಸನ್ಮಾನಿಸಲಾಯಿತು.
(ಒಂದನೇ ಪುಟದಿಂದ)
ಉಪರಾಷ್ಟ್ರಪತಿ ಪದಗ್ರಹಣ
ಮತ್ತು ಶುಭಾಶಯ ಸಲ್ಲಿಸಿದರು. ಆಡಳಿತಾರೂಢ ರಾಷ್ಟ್ರೀಯ ಪ್ರಜಾಸತ್ತಾತ್ಮಕ ಒಕ್ಕೂಟ–ದ ಅಭ್ಯರ್ಥಿ ಸಿಪಿ ರಾಧಾಕೃಷ್ಣನ್ ಮೊನ್ನೆ ನಡೆದ ಚುನಾವಣೆಯಲ್ಲಿ ಭಾರತದ 15ನೇ ಉಪರಾಷ್ಟ್ರಪತಿಯಾಗಿ ಆಯ್ಕೆಯಾಗಿದ್ದರು. ಅವರು ತಮ್ಮ ಪ್ರತಿಸ್ಪರ್ಧಿ ಇಂಡಿಯಾ ಮೈತ್ರಿಕೂಟದ ಅಭ್ಯರ್ಥಿ ನ್ಯಾಯಮೂರ್ತಿ ಬಿ. ಸುದರ್ಶನ್ ರೆಡ್ಡಿ ವಿರುದ್ಧ 152 ಮತಗಳ ಅಂತರದಿಂದ ಗೆಲುವು ಸಾಧಿಸಿದರು. ಸಿಪಿ ರಾಧಾಕೃಷ್ಣನ್ ಅವರು 452 ಮೊದಲ ಪ್ರಾಶಸ್ತ್ಯ
ಮತಗಳನ್ನು ಪಡೆದಿದ್ದರು, ನ್ಯಾಯಮೂರ್ತಿ ಸುದರ್ಶನ್ ರೆಡ್ಡಿ ಅವರು 300 ಮತಗಳನ್ನು ಪಡೆದು ಸೋಲು ಒಪ್ಪಿಕೊಂಡಿದ್ದರು. 767 ಸಂಸದ ಸದಸ್ಯರ ಪೈಕಿ ಶೇ. 98.2 ರಷ್ಟು ಮತದಾನದಲ್ಲಿ ಭಾಗವಹಿಸಿದ್ದರು. 14 ಸದಸ್ಯರು ಮತ ಚಲಾಯಿಸಲಿಲ್ಲ ಚಲಾಯಿಸಲಾದ ಮತಗಳಲ್ಲಿ 752 ಮತಗಳು ಮಾನ್ಯವಾಗಿದ್ದವು, 15 ಮತಗಳು ಅಮಾನ್ಯವಾಗಿದ್ದವು.
ಗೌಡಗಾಂವದಲ್ಲಿ ಮನೆ ಕಳ್ಳತನ ; ಇಬ್ಬರ ಬಂಧನ
ಹೆಚ್ಚುವರಿ ಪೊಲೀಸ್ ವರಿಷ್ಠಾಧಿಕಾರಿ ಮಹೇಶ ಮೇಘಣ್ಣನವರ ಹಾಗೂ ಡಿವೈಎಸ್‌ಪಿ ಉಪ ವಿಭಾಗದ ಮಾರ್ಗದರ್ಶನದಲ್ಲಿ ರೇವೂರ ಪೊಲೀಸ್ ಠಾಣೆಯ ಪಿಎಸ್ ಐ ವಾತ್ಸಲ್ಯ ಬಿರಾದಾರ ಮತ್ತು ಪಿಎಸ್ ಐ(ತನಿಖೆ) ಕಮಲು ರಾಠೋಡ ಸೇರಿದಂತೆ ಸಿಬ್ಬಂದಿಗಳಾದ ಶ್ರೀಕಾಂತ, ರಾಜು ಕಲ್ಯಾಣಕರ, ಬಲರಾಮ, ಕಲಬುರಗಿ ಅಪರಾಧ ವಿಭಾಗದ ಸಿಬ್ಬಂದಿಗಳಾದ ಶಿವಶರಣ, ವಿವೇಕಾನಂದ
ಅವರು ಖಚಿತ ಮಾಹಿತಿ ಮೇರೆಗೆ ಸೆ.10 ರಂದು ಬೆಳ್ಳಗ್ಗೆ ಕಳ್ಳತನ ಮಾಡಿದ ಆರೋಪಿಗಳಾದ ಇಬ್ಬರು ಆರೋಪಿಗಳನ್ನು ಬಂಧಿಸಿದ್ದಾರೆ. ಆರೋಪಿಗಳನ್ನು ಪತ್ತೆ ಹಚ್ಚುವಲ್ಲಿ ಯಶಸ್ವಿಯಾಗಿರುವ ರೇವೂರ ಪೊಲೀಸ್ ಠಾಣೆಯ ಪಿಎಸ್ ಐ ಅಧಿಕಾರಿಗಳು ಮತ್ತು ಸಿಬ್ಬಂದಿ ವರ್ಗದವರ ಕಾರ್ಯವನ್ನು ಜಿಲ್ಲಾ ಪೊಲೀಸ್ ವರಿಷ್ಠಾಧಿಕಾರಿ ಮತ್ತು ಅಪರ ಪೊಲೀಸ್ ವರಿಷ್ಠಾಧಿಕಾರಿ ಪ್ರಶಂಸೆ ವ್ಯಕ್ತಪಡಿಸಿದ್ದಾರೆ
(ಒಂದನೇ ಪುಟದಿಂದ)
ರಾಜ್ಯದಲ್ಲಿ ಐದು ದಿನ ಮಳೆ
ಬೆಟ್ಟ, ಟಿ.ಜಿ. ಹಳ್ಳಿ, ಕೋಲಾರ, ಗಂಗಾವತಿ, ಆಳಂದ, ಸೇಡಂ, ಹುಣಸಗಿ, ಅಫಜಲಪುರ, ವಿಜಯಪುರ, ಶಹಾಪುರ, ಸಿಂಧನೂರು, ರಾಯಚೂರು, ಮಾನವಿ, ಮಸ್ಕಿ, ಲಿಂಗಸುಗೂರು, ಕುಷ್ಟಗಿ, ಕೊಪ್ಪಳ, ಇಂಡಿ, ದೇವರಹಿಪ್ಪರಗಿ, ಕೋಲಾರ, ನಾಗಮಂಗಲ, ಮಾಗಡಿ, ಕೃಷ್ಣರಾಜಸಾಗರ, ಕೆ.ಆರ್. ನಗರ, ಇಳಕಲ್, ಚಿಂಚೋಳಿ, ಚಿಕ್ಕಬಳ್ಳಾಪುರ, ಭಾಲ್ಕಿ, ಬಸವಕಲ್ಯಾಣದಲ್ಲಿ ಗುರುವಾರ ಭಾರಿ ಮಳೆಯಾಗಿದೆ. ರಾಜಧಾನಿ ಬೆಂಗಳೂರಿನಲ್ಲಿ ಮೋಡ ಕವಿದ ವಾತಾವರಣವಿದ್ದು, ನಗರದಲ್ಲಿ ಗರಿಷ್ಠ ತಾಪಮಾನ 29.9 ಡಿಗ್ರಿ ಸೆಲ್ಸಿಯಸ್, ಕನಿಷ್ಠ ತಾಪಮಾನ 19.9 ಡಿಗ್ರಿ ಸೆಲ್ಸಿಯಸ್, ಗರಿಷ್ಠ ತಾಪಮಾನ ಹೆಚ್.ಎ.ಎಲ್ 30.5 ಡಿಗ್ರಿ ಸೆಲ್ಸಿಯಸ್, ಕನಿಷ್ಠ ತಾಪಮಾನ 19.1 ಡಿಗ್ರಿ ಸೆಲ್ಸಿಯಸ್ ಮತ್ತು ಕೆಂಪೇಗೌಡ ಅಂತಾರಾಷ್ಟ್ರೀಯ ವಿಮಾನ ನಿಲ್ದಾಣದಲ್ಲಿ ಗರಿಷ್ಠ ತಾಪಮಾನ 31.2 ಡಿಗ್ರಿ ಸೆಲ್ಸಿಯಸ್ ದಾಖಲಾಗಿದೆ.
ಶೋಧ ಕುಲ್ಮನ್ ಹೆಸರು ಮುಂಚೂಣಿಯಲ್ಲಿ
ಮುಗಿಯುವ ಕೆಲವೇ ತಿಂಗಳುಗಳ ಮೊದಲು, ಮಾರ್ಚ್ ನಲ್ಲಿ ಸರ್ಕಾರ ಅವರನ್ನು ಪದಚ್ಯುತಗೊಳಿಸಲು ನಿರ್ಧರಿಸಿತ್ತು. ಆದರೆ ನ್ಯಾಯಾಲಯದ ಮೊರೆ ಹೋಗಿ ಅವರು ತಮ್ಮ ಹುದ್ದೆಯಲ್ಲಿ ಮುಂದುವರೆದರು. ನೇಪಾಳದಲ್ಲಿ ಇಂಟರ್ನೆಟ್ ಸ್ಥಗಿತ ಮತ್ತು ಸಾಮಾಜಿಕ ಮಾಧ್ಯಮಗಳ ಮೇಲಿನ ನಿಷೇಧದ ವಿರುದ್ಧ ಯುವಜನರ ಪ್ರತಿಭಟನೆ ಹಿಂಸಾಚಾರಕ್ಕೆ ತಿರುಗಿದ ನಂತರ ಈ ಬೆಳವಣಿಗೆ ನಡೆದಿದೆ. ಫಿಶ್ ಗ್ ಅವರ ಭಾರತ ನಂಟು ಫಿಶಿಂಗ್ ಅವರ ಕುಟುಂಬ ಭಾರತದ ಬಲವಾದ
ಸಂಬಂಧವನ್ನು ಹೊಂದಿದೆ. 1970 ರಲ್ಲಿ ರಮೇಚಾಪ್ ಜಿಲ್ಲೆಯಲ್ಲಿ ಜನಿಸಿದ ಅವರು ಜಾರ್ಖಂಡ್ ನ ಜೆಮ್ ಶೆಡ್ಪುರದ ಪ್ರತಿಷ್ಠಿತ ತಾಂತ್ರಿಕ ಸಂಸ್ಥೆಯಲ್ಲಿ ವ್ಯಾಸಂಗ ಮಾಡಿದರು. ನಂತರ, ಅವರು ನೇಪಾಳದಲ್ಲಿ ಪವರ್ ಸಿಸ್ಟಮ್ ಎಂಜಿನಿಯರಿಂಗ್ ನಲ್ಲಿ ಸ್ನಾತಕೋತ್ತರ ಪದವಿ ಮತ್ತು ಪುಲ್ಚೋಕ್ ವಿಶ್ವವಿದ್ಯಾಲಯದಿಂದ ಎಂಬಿಎ ಪಡೆದಿದ್ದಾರೆ.
